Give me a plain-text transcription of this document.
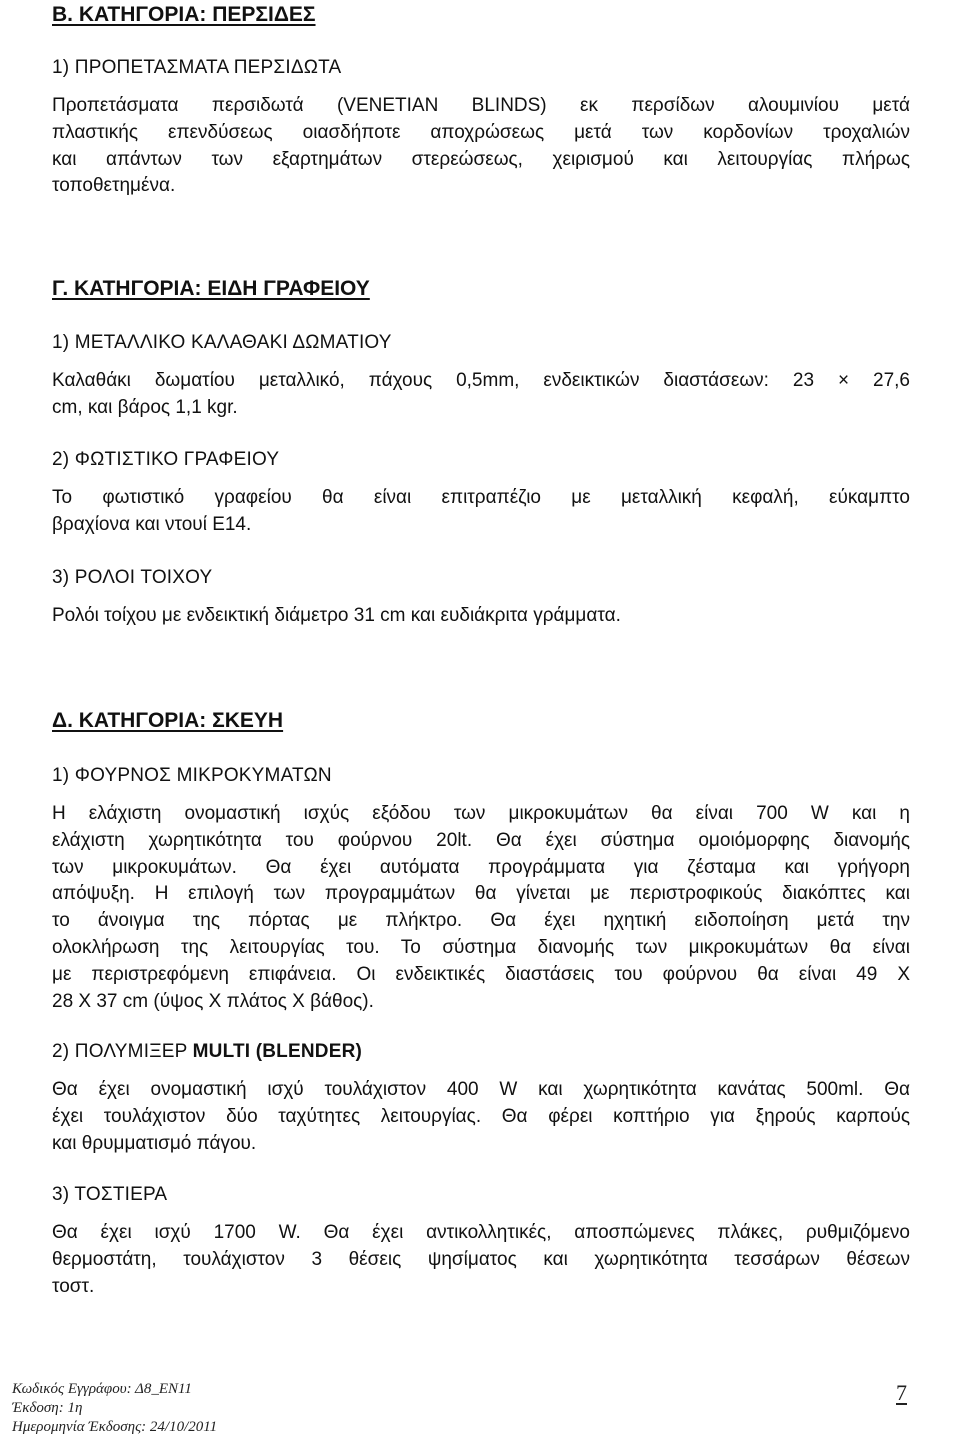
Β. ΚΑΤΗΓΟΡΙΑ: ΠΕΡΣΙΔΕΣ
1) ΠΡΟΠΕΤΑΣΜΑΤΑ ΠΕΡΣΙΔΩΤΑ
Προπετάσματα περσιδωτά (VENETIAN BLINDS) εκ περσίδων αλουμινίου μετά
πλαστικής επενδύσεως οιασδήποτε αποχρώσεως μετά των κορδονίων τροχαλιών
και απάντων των εξαρτημάτων στερεώσεως, χειρισμού και λειτουργίας πλήρως
τοποθετημένα.
Γ. ΚΑΤΗΓΟΡΙΑ: ΕΙΔΗ ΓΡΑΦΕΙΟΥ
1) ΜΕΤΑΛΛΙΚΟ ΚΑΛΑΘΑΚΙ ΔΩΜΑΤΙΟΥ
Καλαθάκι δωματίου μεταλλικό, πάχους 0,5mm, ενδεικτικών διαστάσεων: 23 × 27,6
cm, και βάρος 1,1 kgr.
2) ΦΩΤΙΣΤΙΚΟ ΓΡΑΦΕΙΟΥ
Το φωτιστικό γραφείου θα είναι επιτραπέζιο με μεταλλική κεφαλή, εύκαμπτο
βραχίονα και ντουί Ε14.
3) ΡΟΛΟΙ ΤΟΙΧΟΥ
Ρολόι τοίχου με ενδεικτική διάμετρο 31 cm και ευδιάκριτα γράμματα.
Δ. ΚΑΤΗΓΟΡΙΑ: ΣΚΕΥΗ
1) ΦΟΥΡΝΟΣ ΜΙΚΡΟΚΥΜΑΤΩΝ
Η ελάχιστη ονομαστική ισχύς εξόδου των μικροκυμάτων θα είναι 700 W και η
ελάχιστη χωρητικότητα του φούρνου 20lt. Θα έχει σύστημα ομοιόμορφης διανομής
των μικροκυμάτων. Θα έχει αυτόματα προγράμματα για ζέσταμα και γρήγορη
απόψυξη. Η επιλογή των προγραμμάτων θα γίνεται με περιστροφικούς διακόπτες και
το άνοιγμα της πόρτας με πλήκτρο. Θα έχει ηχητική ειδοποίηση μετά την
ολοκλήρωση της λειτουργίας του. Το σύστημα διανομής των μικροκυμάτων θα είναι
με περιστρεφόμενη επιφάνεια. Οι ενδεικτικές διαστάσεις του φούρνου θα είναι 49 Χ
28 Χ 37 cm (ύψος Χ πλάτος Χ βάθος).
2) ΠΟΛΥΜΙΞΕΡ MULTI (BLENDER)
Θα έχει ονομαστική ισχύ τουλάχιστον 400 W και χωρητικότητα κανάτας 500ml. Θα
έχει τουλάχιστον δύο ταχύτητες λειτουργίας. Θα φέρει κοπτήριο για ξηρούς καρπούς
και θρυμματισμό πάγου.
3) ΤΟΣΤΙΕΡΑ
Θα έχει ισχύ 1700 W. Θα έχει αντικολλητικές, αποσπώμενες πλάκες, ρυθμιζόμενο
θερμοστάτη, τουλάχιστον 3 θέσεις ψησίματος και χωρητικότητα τεσσάρων θέσεων
τοστ.
Κωδικός Εγγράφου: Δ8_ΕΝ11
Έκδοση: 1η
Ημερομηνία Έκδοσης: 24/10/2011
7
